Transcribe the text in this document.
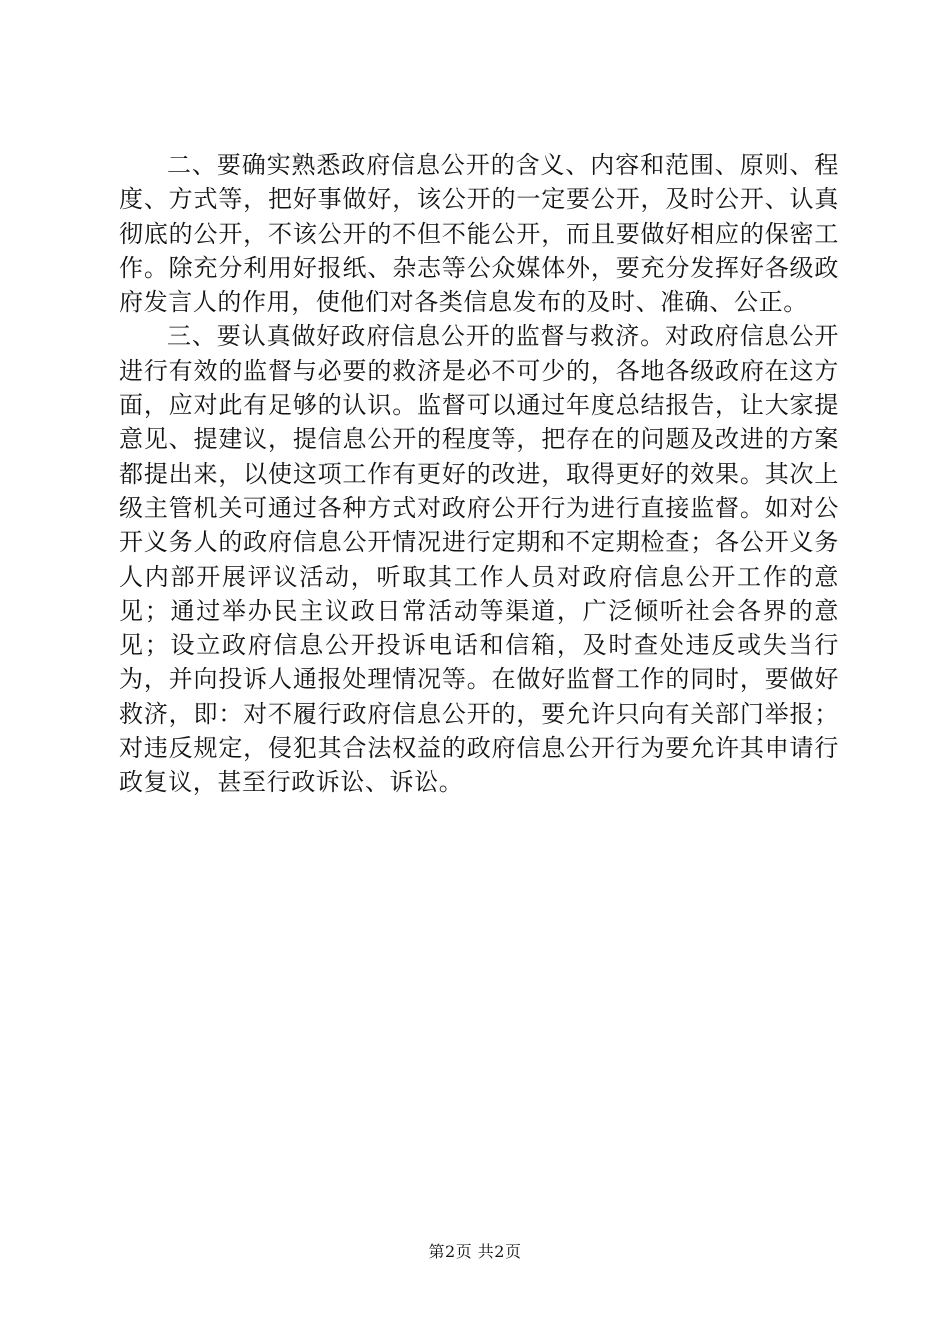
二、要确实熟悉政府信息公开的含义、内容和范围、原则、程度、方式等，把好事做好，该公开的一定要公开，及时公开、认真彻底的公开，不该公开的不但不能公开，而且要做好相应的保密工作。除充分利用好报纸、杂志等公众媒体外，要充分发挥好各级政府发言人的作用，使他们对各类信息发布的及时、准确、公正。

三、要认真做好政府信息公开的监督与救济。对政府信息公开进行有效的监督与必要的救济是必不可少的，各地各级政府在这方面，应对此有足够的认识。监督可以通过年度总结报告，让大家提意见、提建议，提信息公开的程度等，把存在的问题及改进的方案都提出来，以使这项工作有更好的改进，取得更好的效果。其次上级主管机关可通过各种方式对政府公开行为进行直接监督。如对公开义务人的政府信息公开情况进行定期和不定期检查；各公开义务人内部开展评议活动，听取其工作人员对政府信息公开工作的意见；通过举办民主议政日常活动等渠道，广泛倾听社会各界的意见；设立政府信息公开投诉电话和信箱，及时查处违反或失当行为，并向投诉人通报处理情况等。在做好监督工作的同时，要做好救济，即：对不履行政府信息公开的，要允许只向有关部门举报；对违反规定，侵犯其合法权益的政府信息公开行为要允许其申请行政复议，甚至行政诉讼、诉讼。

第2页 共2页
